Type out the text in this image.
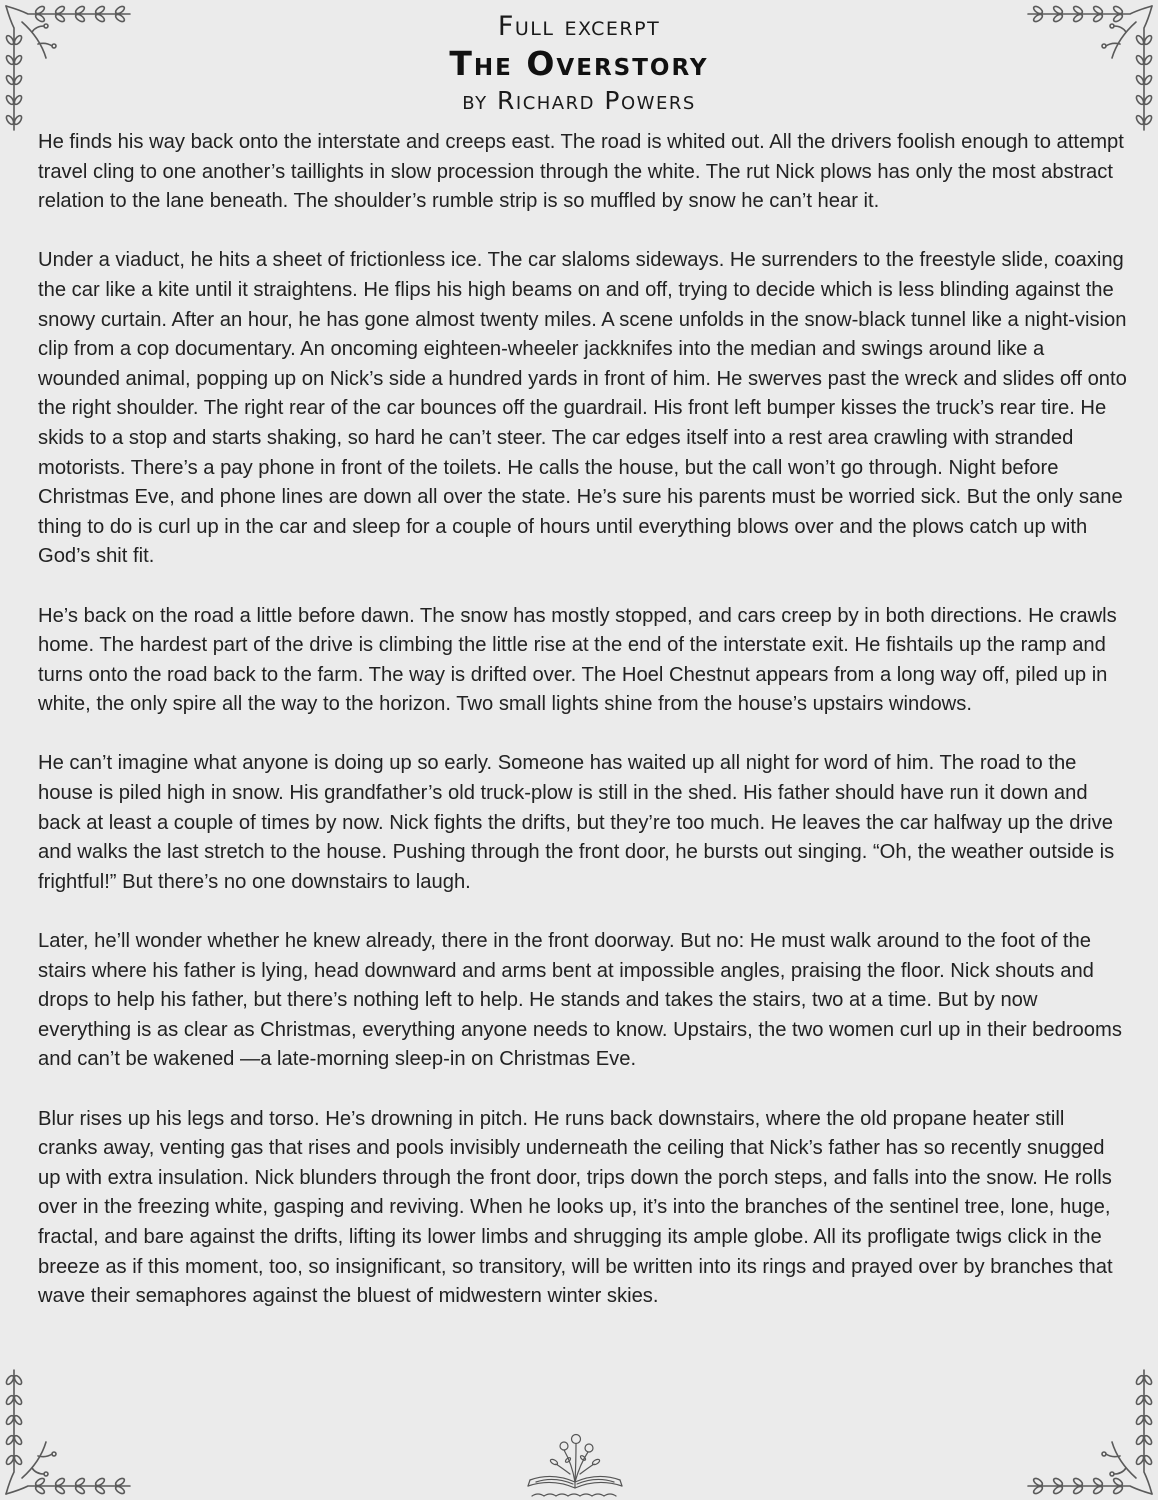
Full excerpt
The Overstory
by Richard Powers

He finds his way back onto the interstate and creeps east. The road is whited out. All the drivers foolish enough to attempt travel cling to one another’s taillights in slow procession through the white. The rut Nick plows has only the most abstract relation to the lane beneath. The shoulder’s rumble strip is so muffled by snow he can’t hear it.

Under a viaduct, he hits a sheet of frictionless ice. The car slaloms sideways. He surrenders to the freestyle slide, coaxing the car like a kite until it straightens. He flips his high beams on and off, trying to decide which is less blinding against the snowy curtain. After an hour, he has gone almost twenty miles. A scene unfolds in the snow-black tunnel like a night-vision clip from a cop documentary. An oncoming eighteen-wheeler jackknifes into the median and swings around like a wounded animal, popping up on Nick’s side a hundred yards in front of him. He swerves past the wreck and slides off onto the right shoulder. The right rear of the car bounces off the guardrail. His front left bumper kisses the truck’s rear tire. He skids to a stop and starts shaking, so hard he can’t steer. The car edges itself into a rest area crawling with stranded motorists. There’s a pay phone in front of the toilets. He calls the house, but the call won’t go through. Night before Christmas Eve, and phone lines are down all over the state. He’s sure his parents must be worried sick. But the only sane thing to do is curl up in the car and sleep for a couple of hours until everything blows over and the plows catch up with God’s shit fit.

He’s back on the road a little before dawn. The snow has mostly stopped, and cars creep by in both directions. He crawls home. The hardest part of the drive is climbing the little rise at the end of the interstate exit. He fishtails up the ramp and turns onto the road back to the farm. The way is drifted over. The Hoel Chestnut appears from a long way off, piled up in white, the only spire all the way to the horizon. Two small lights shine from the house’s upstairs windows.

He can’t imagine what anyone is doing up so early. Someone has waited up all night for word of him. The road to the house is piled high in snow. His grandfather’s old truck-plow is still in the shed. His father should have run it down and back at least a couple of times by now. Nick fights the drifts, but they’re too much. He leaves the car halfway up the drive and walks the last stretch to the house. Pushing through the front door, he bursts out singing. “Oh, the weather outside is frightful!” But there’s no one downstairs to laugh.

Later, he’ll wonder whether he knew already, there in the front doorway. But no: He must walk around to the foot of the stairs where his father is lying, head downward and arms bent at impossible angles, praising the floor. Nick shouts and drops to help his father, but there’s nothing left to help. He stands and takes the stairs, two at a time. But by now everything is as clear as Christmas, everything anyone needs to know. Upstairs, the two women curl up in their bedrooms and can’t be wakened —a late-morning sleep-in on Christmas Eve.

Blur rises up his legs and torso. He’s drowning in pitch. He runs back downstairs, where the old propane heater still cranks away, venting gas that rises and pools invisibly underneath the ceiling that Nick’s father has so recently snugged up with extra insulation. Nick blunders through the front door, trips down the porch steps, and falls into the snow. He rolls over in the freezing white, gasping and reviving. When he looks up, it’s into the branches of the sentinel tree, lone, huge, fractal, and bare against the drifts, lifting its lower limbs and shrugging its ample globe. All its profligate twigs click in the breeze as if this moment, too, so insignificant, so transitory, will be written into its rings and prayed over by branches that wave their semaphores against the bluest of midwestern winter skies.
